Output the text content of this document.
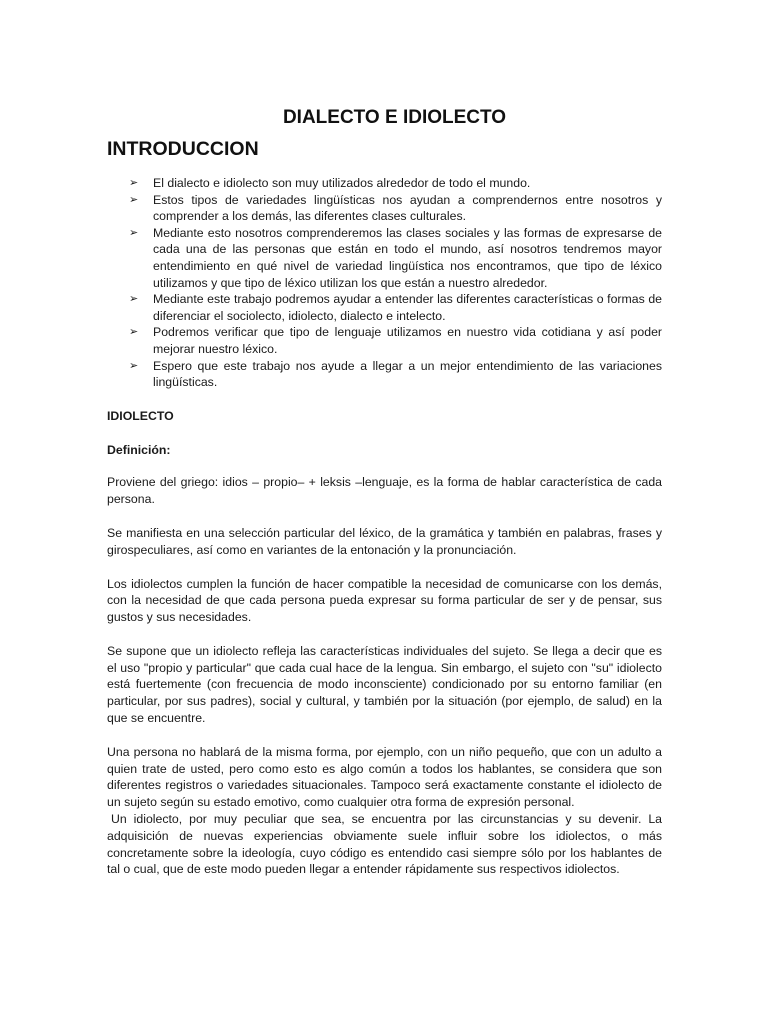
DIALECTO E IDIOLECTO
INTRODUCCION
➢ El dialecto e idiolecto son muy utilizados alrededor de todo el mundo.
➢ Estos tipos de variedades lingüísticas nos ayudan a comprendernos entre nosotros y comprender a los demás, las diferentes clases culturales.
➢ Mediante esto nosotros comprenderemos las clases sociales y las formas de expresarse de cada una de las personas que están en todo el mundo, así nosotros tendremos mayor entendimiento en qué nivel de variedad lingüística nos encontramos, que tipo de léxico utilizamos y que tipo de léxico utilizan los que están a nuestro alrededor.
➢ Mediante este trabajo podremos ayudar a entender las diferentes características o formas de diferenciar el sociolecto, idiolecto, dialecto e intelecto.
➢ Podremos verificar que tipo de lenguaje utilizamos en nuestro vida cotidiana y así poder mejorar nuestro léxico.
➢ Espero que este trabajo nos ayude a llegar a un mejor entendimiento de las variaciones lingüísticas.

IDIOLECTO

Definición:

Proviene del griego: idios – propio– + leksis –lenguaje, es la forma de hablar característica de cada persona.

Se manifiesta en una selección particular del léxico, de la gramática y también en palabras, frases y girospeculiares, así como en variantes de la entonación y la pronunciación.

Los idiolectos cumplen la función de hacer compatible la necesidad de comunicarse con los demás, con la necesidad de que cada persona pueda expresar su forma particular de ser y de pensar, sus gustos y sus necesidades.

Se supone que un idiolecto refleja las características individuales del sujeto. Se llega a decir que es el uso "propio y particular" que cada cual hace de la lengua. Sin embargo, el sujeto con "su" idiolecto está fuertemente (con frecuencia de modo inconsciente) condicionado por su entorno familiar (en particular, por sus padres), social y cultural, y también por la situación (por ejemplo, de salud) en la que se encuentre.

Una persona no hablará de la misma forma, por ejemplo, con un niño pequeño, que con un adulto a quien trate de usted, pero como esto es algo común a todos los hablantes, se considera que son diferentes registros o variedades situacionales. Tampoco será exactamente constante el idiolecto de un sujeto según su estado emotivo, como cualquier otra forma de expresión personal.

Un idiolecto, por muy peculiar que sea, se encuentra por las circunstancias y su devenir. La adquisición de nuevas experiencias obviamente suele influir sobre los idiolectos, o más concretamente sobre la ideología, cuyo código es entendido casi siempre sólo por los hablantes de tal o cual, que de este modo pueden llegar a entender rápidamente sus respectivos idiolectos.
